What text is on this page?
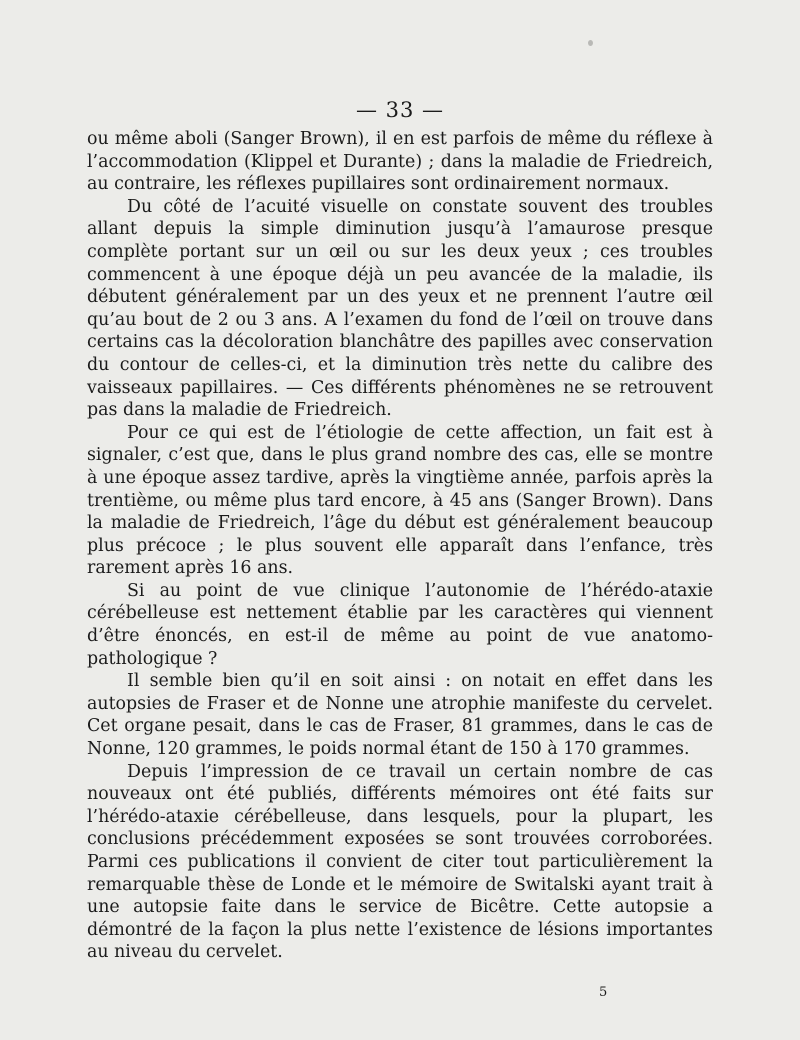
— 33 —

ou même aboli (Sanger Brown), il en est parfois de même du réflexe à l’accommodation (Klippel et Durante) ; dans la maladie de Friedreich, au contraire, les réflexes pupillaires sont ordinairement normaux.

Du côté de l’acuité visuelle on constate souvent des troubles allant depuis la simple diminution jusqu’à l’amaurose presque complète portant sur un œil ou sur les deux yeux ; ces troubles commencent à une époque déjà un peu avancée de la maladie, ils débutent généralement par un des yeux et ne prennent l’autre œil qu’au bout de 2 ou 3 ans. A l’examen du fond de l’œil on trouve dans certains cas la décoloration blanchâtre des papilles avec conservation du contour de celles-ci, et la diminution très nette du calibre des vaisseaux papillaires. — Ces différents phénomènes ne se retrouvent pas dans la maladie de Friedreich.

Pour ce qui est de l’étiologie de cette affection, un fait est à signaler, c’est que, dans le plus grand nombre des cas, elle se montre à une époque assez tardive, après la vingtième année, parfois après la trentième, ou même plus tard encore, à 45 ans (Sanger Brown). Dans la maladie de Friedreich, l’âge du début est généralement beaucoup plus précoce ; le plus souvent elle apparaît dans l’enfance, très rarement après 16 ans.

Si au point de vue clinique l’autonomie de l’hérédo-ataxie cérébelleuse est nettement établie par les caractères qui viennent d’être énoncés, en est-il de même au point de vue anatomo-pathologique ?

Il semble bien qu’il en soit ainsi : on notait en effet dans les autopsies de Fraser et de Nonne une atrophie manifeste du cervelet. Cet organe pesait, dans le cas de Fraser, 81 grammes, dans le cas de Nonne, 120 grammes, le poids normal étant de 150 à 170 grammes.

Depuis l’impression de ce travail un certain nombre de cas nouveaux ont été publiés, différents mémoires ont été faits sur l’hérédo-ataxie cérébelleuse, dans lesquels, pour la plupart, les conclusions précédemment exposées se sont trouvées corroborées. Parmi ces publications il convient de citer tout particulièrement la remarquable thèse de Londe et le mémoire de Switalski ayant trait à une autopsie faite dans le service de Bicêtre. Cette autopsie a démontré de la façon la plus nette l’existence de lésions importantes au niveau du cervelet.

5
